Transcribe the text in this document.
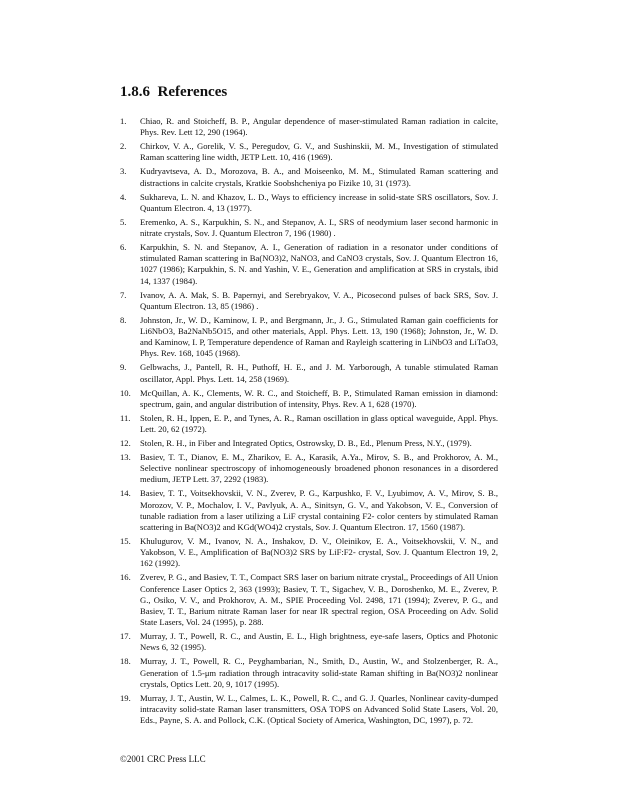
1.8.6 References
1. Chiao, R. and Stoicheff, B. P., Angular dependence of maser-stimulated Raman radiation in calcite, Phys. Rev. Lett 12, 290 (1964).
2. Chirkov, V. A., Gorelik, V. S., Peregudov, G. V., and Sushinskii, M. M., Investigation of stimulated Raman scattering line width, JETP Lett. 10, 416 (1969).
3. Kudryavtseva, A. D., Morozova, B. A., and Moiseenko, M. M., Stimulated Raman scattering and distractions in calcite crystals, Kratkie Soobshcheniya po Fizike 10, 31 (1973).
4. Sukhareva, L. N. and Khazov, L. D., Ways to efficiency increase in solid-state SRS oscillators, Sov. J. Quantum Electron. 4, 13 (1977).
5. Eremenko, A. S., Karpukhin, S. N., and Stepanov, A. I., SRS of neodymium laser second harmonic in nitrate crystals, Sov. J. Quantum Electron 7, 196 (1980) .
6. Karpukhin, S. N. and Stepanov, A. I., Generation of radiation in a resonator under conditions of stimulated Raman scattering in Ba(NO3)2, NaNO3, and CaNO3 crystals, Sov. J. Quantum Electron 16, 1027 (1986); Karpukhin, S. N. and Yashin, V. E., Generation and amplification at SRS in crystals, ibid 14, 1337 (1984).
7. Ivanov, A. A. Mak, S. B. Papernyi, and Serebryakov, V. A., Picosecond pulses of back SRS, Sov. J. Quantum Electron. 13, 85 (1986) .
8. Johnston, Jr., W. D., Kaminow, I. P., and Bergmann, Jr., J. G., Stimulated Raman gain coefficients for Li6NbO3, Ba2NaNb5O15, and other materials, Appl. Phys. Lett. 13, 190 (1968); Johnston, Jr., W. D. and Kaminow, I. P, Temperature dependence of Raman and Rayleigh scattering in LiNbO3 and LiTaO3, Phys. Rev. 168, 1045 (1968).
9. Gelbwachs, J., Pantell, R. H., Puthoff, H. E., and J. M. Yarborough, A tunable stimulated Raman oscillator, Appl. Phys. Lett. 14, 258 (1969).
10. McQuillan, A. K., Clements, W. R. C., and Stoicheff, B. P., Stimulated Raman emission in diamond: spectrum, gain, and angular distribution of intensity, Phys. Rev. A 1, 628 (1970).
11. Stolen, R. H., Ippen, E. P., and Tynes, A. R., Raman oscillation in glass optical waveguide, Appl. Phys. Lett. 20, 62 (1972).
12. Stolen, R. H., in Fiber and Integrated Optics, Ostrowsky, D. B., Ed., Plenum Press, N.Y., (1979).
13. Basiev, T. T., Dianov, E. M., Zharikov, E. A., Karasik, A.Ya., Mirov, S. B., and Prokhorov, A. M., Selective nonlinear spectroscopy of inhomogeneously broadened phonon resonances in a disordered medium, JETP Lett. 37, 2292 (1983).
14. Basiev, T. T., Voitsekhovskii, V. N., Zverev, P. G., Karpushko, F. V., Lyubimov, A. V., Mirov, S. B., Morozov, V. P., Mochalov, I. V., Pavlyuk, A. A., Sinitsyn, G. V., and Yakobson, V. E., Conversion of tunable radiation from a laser utilizing a LiF crystal containing F2- color centers by stimulated Raman scattering in Ba(NO3)2 and KGd(WO4)2 crystals, Sov. J. Quantum Electron. 17, 1560 (1987).
15. Khulugurov, V. M., Ivanov, N. A., Inshakov, D. V., Oleinikov, E. A., Voitsekhovskii, V. N., and Yakobson, V. E., Amplification of Ba(NO3)2 SRS by LiF:F2- crystal, Sov. J. Quantum Electron 19, 2, 162 (1992).
16. Zverev, P. G., and Basiev, T. T., Compact SRS laser on barium nitrate crystal,, Proceedings of All Union Conference Laser Optics 2, 363 (1993); Basiev, T. T., Sigachev, V. B., Doroshenko, M. E., Zverev, P. G., Osiko, V. V., and Prokhorov, A. M., SPIE Proceeding Vol. 2498, 171 (1994); Zverev, P. G., and Basiev, T. T., Barium nitrate Raman laser for near IR spectral region, OSA Proceeding on Adv. Solid State Lasers, Vol. 24 (1995), p. 288.
17. Murray, J. T., Powell, R. C., and Austin, E. L., High brightness, eye-safe lasers, Optics and Photonic News 6, 32 (1995).
18. Murray, J. T., Powell, R. C., Peyghambarian, N., Smith, D., Austin, W., and Stolzenberger, R. A., Generation of 1.5-μm radiation through intracavity solid-state Raman shifting in Ba(NO3)2 nonlinear crystals, Optics Lett. 20, 9, 1017 (1995).
19. Murray, J. T., Austin, W. L., Calmes, L. K., Powell, R. C., and G. J. Quarles, Nonlinear cavity-dumped intracavity solid-state Raman laser transmitters, OSA TOPS on Advanced Solid State Lasers, Vol. 20, Eds., Payne, S. A. and Pollock, C.K. (Optical Society of America, Washington, DC, 1997), p. 72.
©2001 CRC Press LLC
